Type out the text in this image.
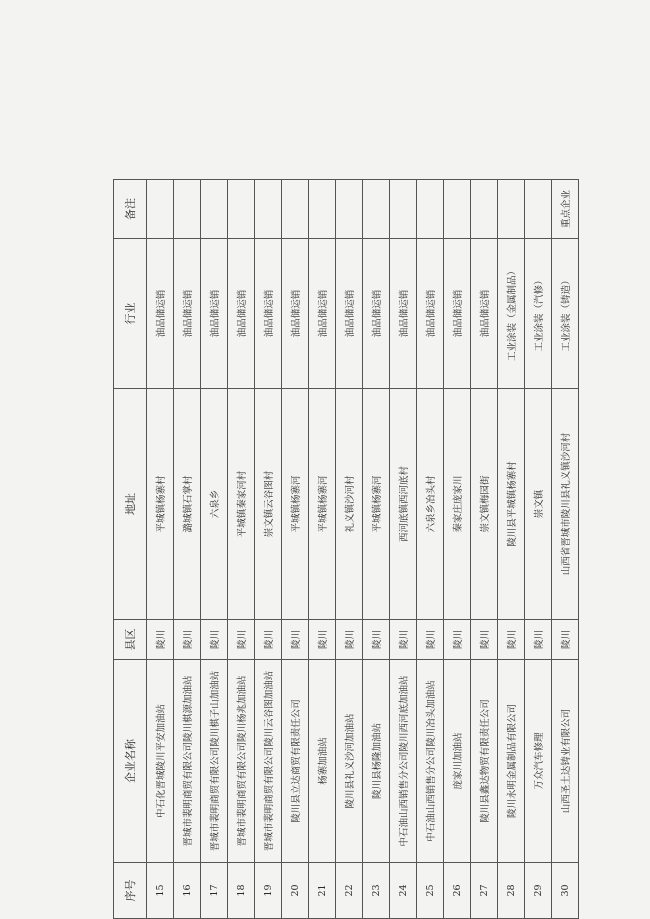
序号	企业名称	县区	地址	行业	备注
15	中石化晋城陵川平安加油站	陵川	平城镇杨寨村	油品储运销	
16	晋城市裴明商贸有限公司陵川棋源加油站	陵川	潞城镇石掌村	油品储运销	
17	晋城市裴明商贸有限公司陵川棋子山加油站	陵川	六泉乡	油品储运销	
18	晋城市裴明商贸有限公司陵川杨兆加油站	陵川	平城镇秦家河村	油品储运销	
19	晋城市裴明商贸有限公司陵川云谷图加油站	陵川	崇文镇云谷图村	油品储运销	
20	陵川县立达商贸有限责任公司	陵川	平城镇杨寨河	油品储运销	
21	杨寨加油站	陵川	平城镇杨寨河	油品储运销	
22	陵川县礼义沙河加油站	陵川	礼义镇沙河村	油品储运销	
23	陵川县杨隆加油站	陵川	平城镇杨寨河	油品储运销	
24	中石油山西销售分公司陵川西河底加油站	陵川	西河底镇西河底村	油品储运销	
25	中石油山西销售分公司陵川冶头加油站	陵川	六泉乡冶头村	油品储运销	
26	庞家川加油站	陵川	秦家庄庞家川	油品储运销	
27	陵川县鑫达物贸有限责任公司	陵川	崇文镇梅园街	油品储运销	
28	陵川永明金属制品有限公司	陵川	陵川县平城镇杨寨村	工业涂装（金属制品）	
29	万众汽车修理	陵川	崇文镇	工业涂装（汽修）	
30	山西圣土达铸业有限公司	陵川	山西省晋城市陵川县礼义镇沙河村	工业涂装（铸造）	重点企业
